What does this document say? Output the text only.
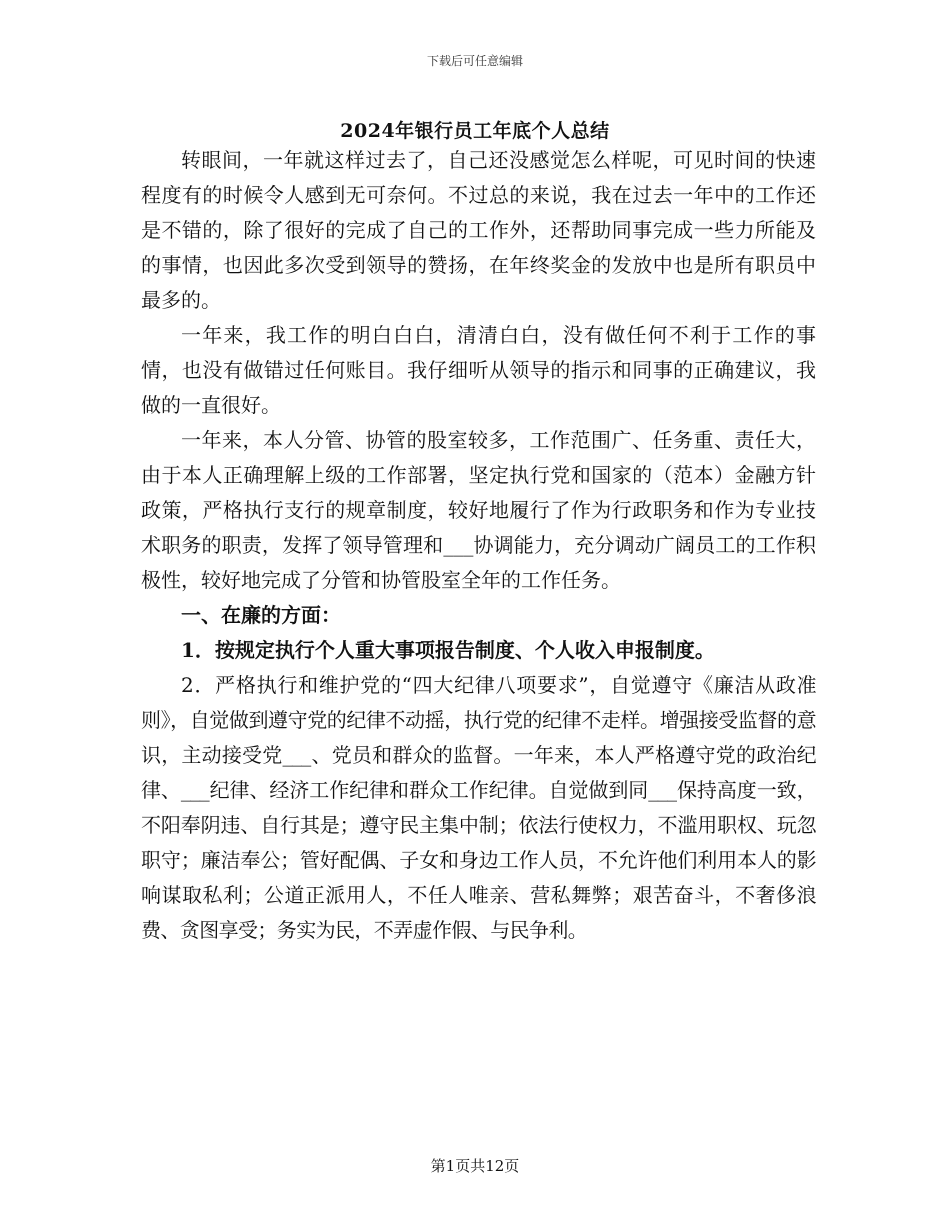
下载后可任意编辑
2024年银行员工年底个人总结

转眼间，一年就这样过去了，自己还没感觉怎么样呢，可见时间的快速程度有的时候令人感到无可奈何。不过总的来说，我在过去一年中的工作还是不错的，除了很好的完成了自己的工作外，还帮助同事完成一些力所能及的事情，也因此多次受到领导的赞扬，在年终奖金的发放中也是所有职员中最多的。

一年来，我工作的明白白白，清清白白，没有做任何不利于工作的事情，也没有做错过任何账目。我仔细听从领导的指示和同事的正确建议，我做的一直很好。

一年来，本人分管、协管的股室较多，工作范围广、任务重、责任大，由于本人正确理解上级的工作部署，坚定执行党和国家的（范本）金融方针政策，严格执行支行的规章制度，较好地履行了作为行政职务和作为专业技术职务的职责，发挥了领导管理和___协调能力，充分调动广阔员工的工作积极性，较好地完成了分管和协管股室全年的工作任务。

一、在廉的方面：

1．按规定执行个人重大事项报告制度、个人收入申报制度。

2．严格执行和维护党的“四大纪律八项要求”，自觉遵守《廉洁从政准则》，自觉做到遵守党的纪律不动摇，执行党的纪律不走样。增强接受监督的意识，主动接受党___、党员和群众的监督。一年来，本人严格遵守党的政治纪律、___纪律、经济工作纪律和群众工作纪律。自觉做到同___保持高度一致，不阳奉阴违、自行其是；遵守民主集中制；依法行使权力，不滥用职权、玩忽职守；廉洁奉公；管好配偶、子女和身边工作人员，不允许他们利用本人的影响谋取私利；公道正派用人，不任人唯亲、营私舞弊；艰苦奋斗，不奢侈浪费、贪图享受；务实为民，不弄虚作假、与民争利。

第1页共12页
